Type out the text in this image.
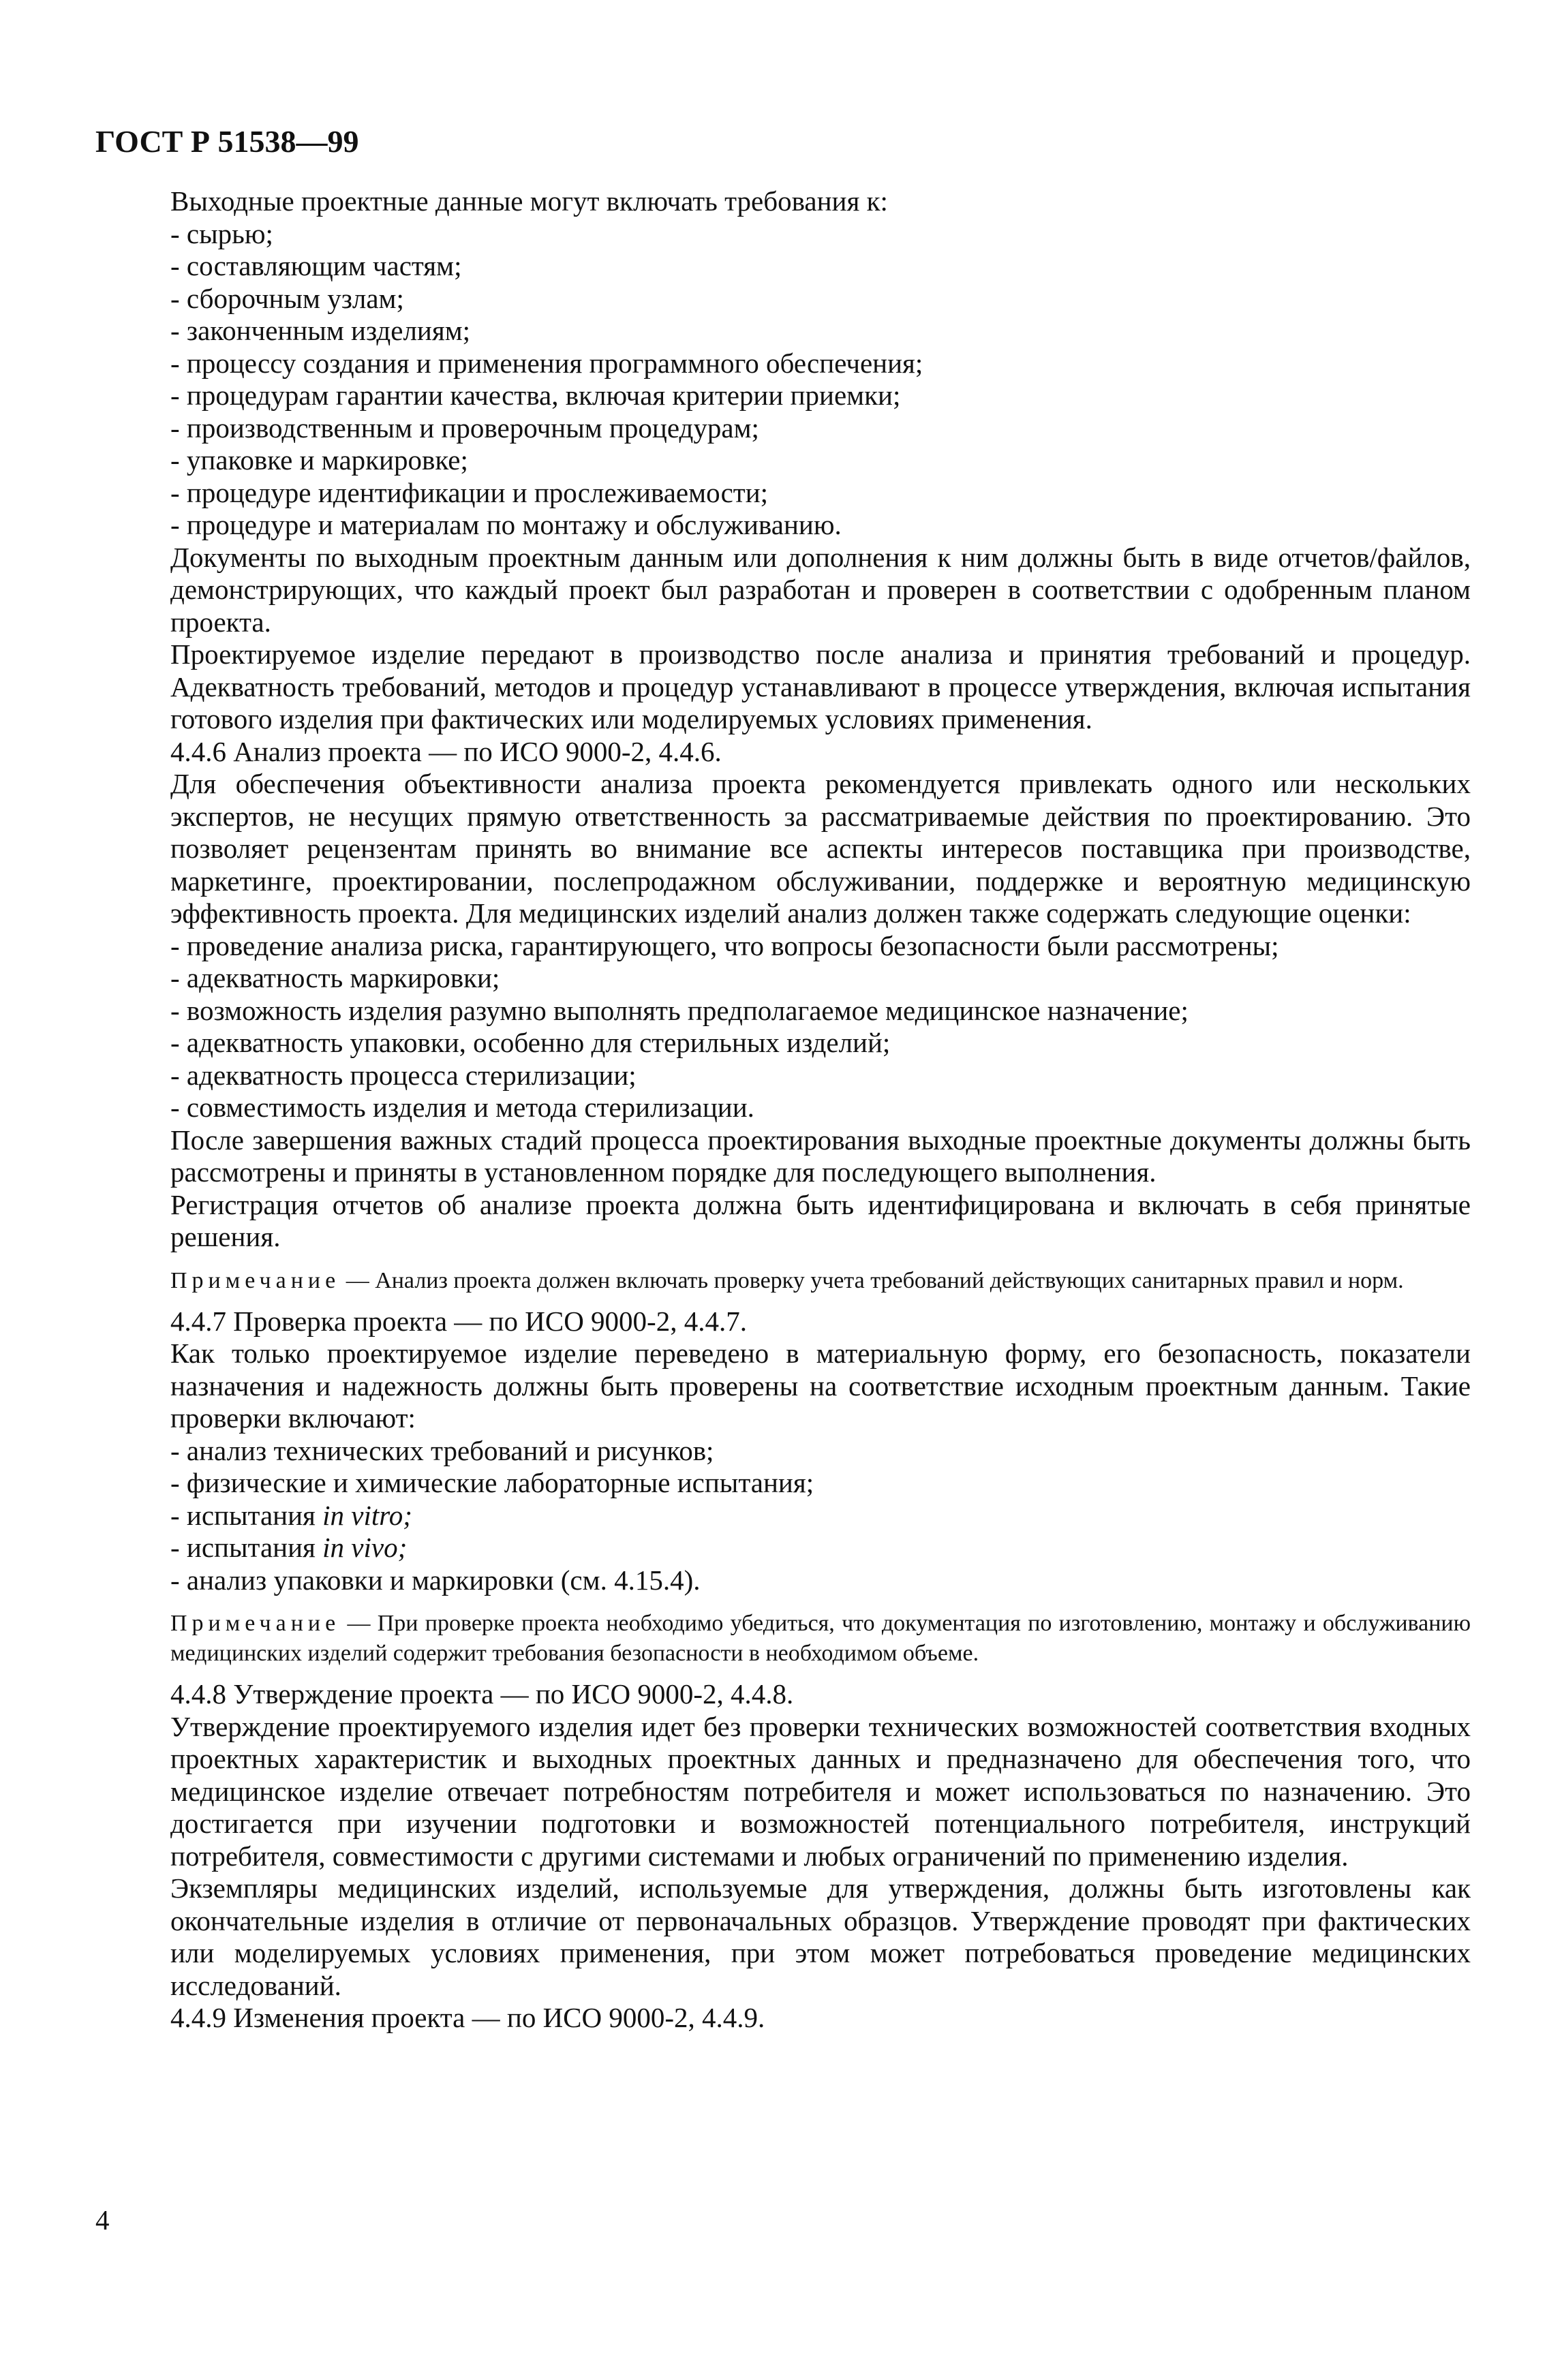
ГОСТ Р 51538—99

Выходные проектные данные могут включать требования к:

- сырью;
- составляющим частям;
- сборочным узлам;
- законченным изделиям;
- процессу создания и применения программного обеспечения;
- процедурам гарантии качества, включая критерии приемки;
- производственным и проверочным процедурам;
- упаковке и маркировке;
- процедуре идентификации и прослеживаемости;
- процедуре и материалам по монтажу и обслуживанию.

Документы по выходным проектным данным или дополнения к ним должны быть в виде отчетов/файлов, демонстрирующих, что каждый проект был разработан и проверен в соответствии с одобренным планом проекта.

Проектируемое изделие передают в производство после анализа и принятия требований и процедур. Адекватность требований, методов и процедур устанавливают в процессе утверждения, включая испытания готового изделия при фактических или моделируемых условиях применения.

4.4.6 Анализ проекта — по ИСО 9000-2, 4.4.6.

Для обеспечения объективности анализа проекта рекомендуется привлекать одного или нескольких экспертов, не несущих прямую ответственность за рассматриваемые действия по проектированию. Это позволяет рецензентам принять во внимание все аспекты интересов поставщика при производстве, маркетинге, проектировании, послепродажном обслуживании, поддержке и вероятную медицинскую эффективность проекта. Для медицинских изделий анализ должен также содержать следующие оценки:

- проведение анализа риска, гарантирующего, что вопросы безопасности были рассмотрены;
- адекватность маркировки;
- возможность изделия разумно выполнять предполагаемое медицинское назначение;
- адекватность упаковки, особенно для стерильных изделий;
- адекватность процесса стерилизации;
- совместимость изделия и метода стерилизации.

После завершения важных стадий процесса проектирования выходные проектные документы должны быть рассмотрены и приняты в установленном порядке для последующего выполнения.

Регистрация отчетов об анализе проекта должна быть идентифицирована и включать в себя принятые решения.

Примечание — Анализ проекта должен включать проверку учета требований действующих санитарных правил и норм.

4.4.7 Проверка проекта — по ИСО 9000-2, 4.4.7.

Как только проектируемое изделие переведено в материальную форму, его безопасность, показатели назначения и надежность должны быть проверены на соответствие исходным проектным данным. Такие проверки включают:

- анализ технических требований и рисунков;
- физические и химические лабораторные испытания;
- испытания in vitro;
- испытания in vivo;
- анализ упаковки и маркировки (см. 4.15.4).

Примечание — При проверке проекта необходимо убедиться, что документация по изготовлению, монтажу и обслуживанию медицинских изделий содержит требования безопасности в необходимом объеме.

4.4.8 Утверждение проекта — по ИСО 9000-2, 4.4.8.

Утверждение проектируемого изделия идет без проверки технических возможностей соответствия входных проектных характеристик и выходных проектных данных и предназначено для обеспечения того, что медицинское изделие отвечает потребностям потребителя и может использоваться по назначению. Это достигается при изучении подготовки и возможностей потенциального потребителя, инструкций потребителя, совместимости с другими системами и любых ограничений по применению изделия.

Экземпляры медицинских изделий, используемые для утверждения, должны быть изготовлены как окончательные изделия в отличие от первоначальных образцов. Утверждение проводят при фактических или моделируемых условиях применения, при этом может потребоваться проведение медицинских исследований.

4.4.9 Изменения проекта — по ИСО 9000-2, 4.4.9.

4
